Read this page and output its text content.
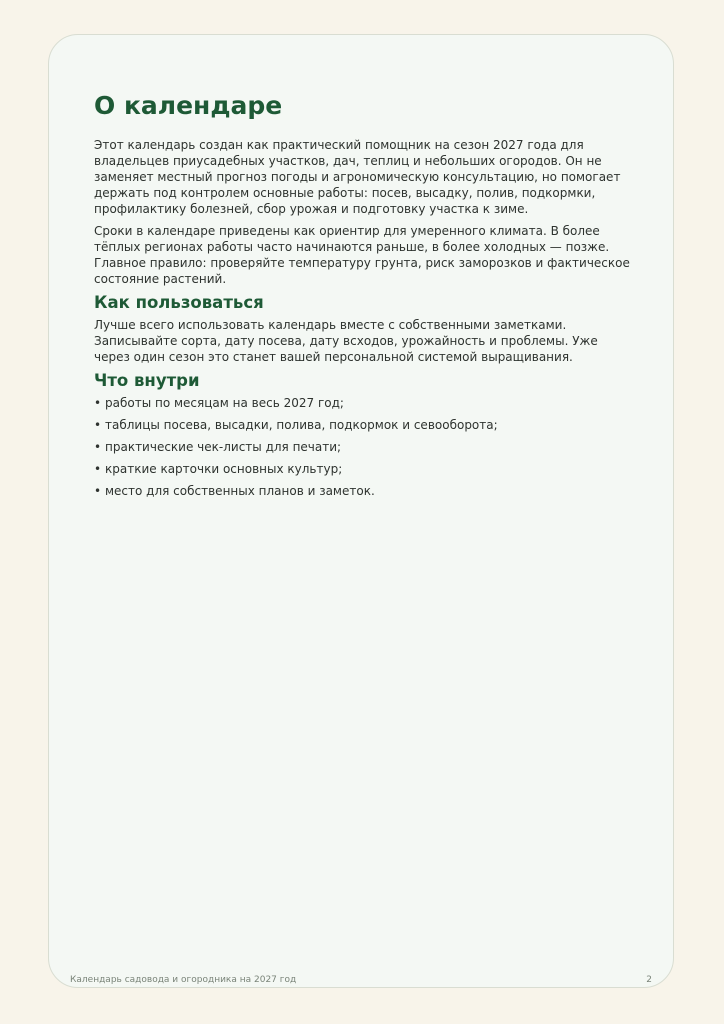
О календаре

Этот календарь создан как практический помощник на сезон 2027 года для владельцев приусадебных участков, дач, теплиц и небольших огородов. Он не заменяет местный прогноз погоды и агрономическую консультацию, но помогает держать под контролем основные работы: посев, высадку, полив, подкормки, профилактику болезней, сбор урожая и подготовку участка к зиме.

Сроки в календаре приведены как ориентир для умеренного климата. В более тёплых регионах работы часто начинаются раньше, в более холодных — позже. Главное правило: проверяйте температуру грунта, риск заморозков и фактическое состояние растений.

Как пользоваться

Лучше всего использовать календарь вместе с собственными заметками. Записывайте сорта, дату посева, дату всходов, урожайность и проблемы. Уже через один сезон это станет вашей персональной системой выращивания.

Что внутри
• работы по месяцам на весь 2027 год;
• таблицы посева, высадки, полива, подкормок и севооборота;
• практические чек-листы для печати;
• краткие карточки основных культур;
• место для собственных планов и заметок.
Календарь садовода и огородника на 2027 год	2
